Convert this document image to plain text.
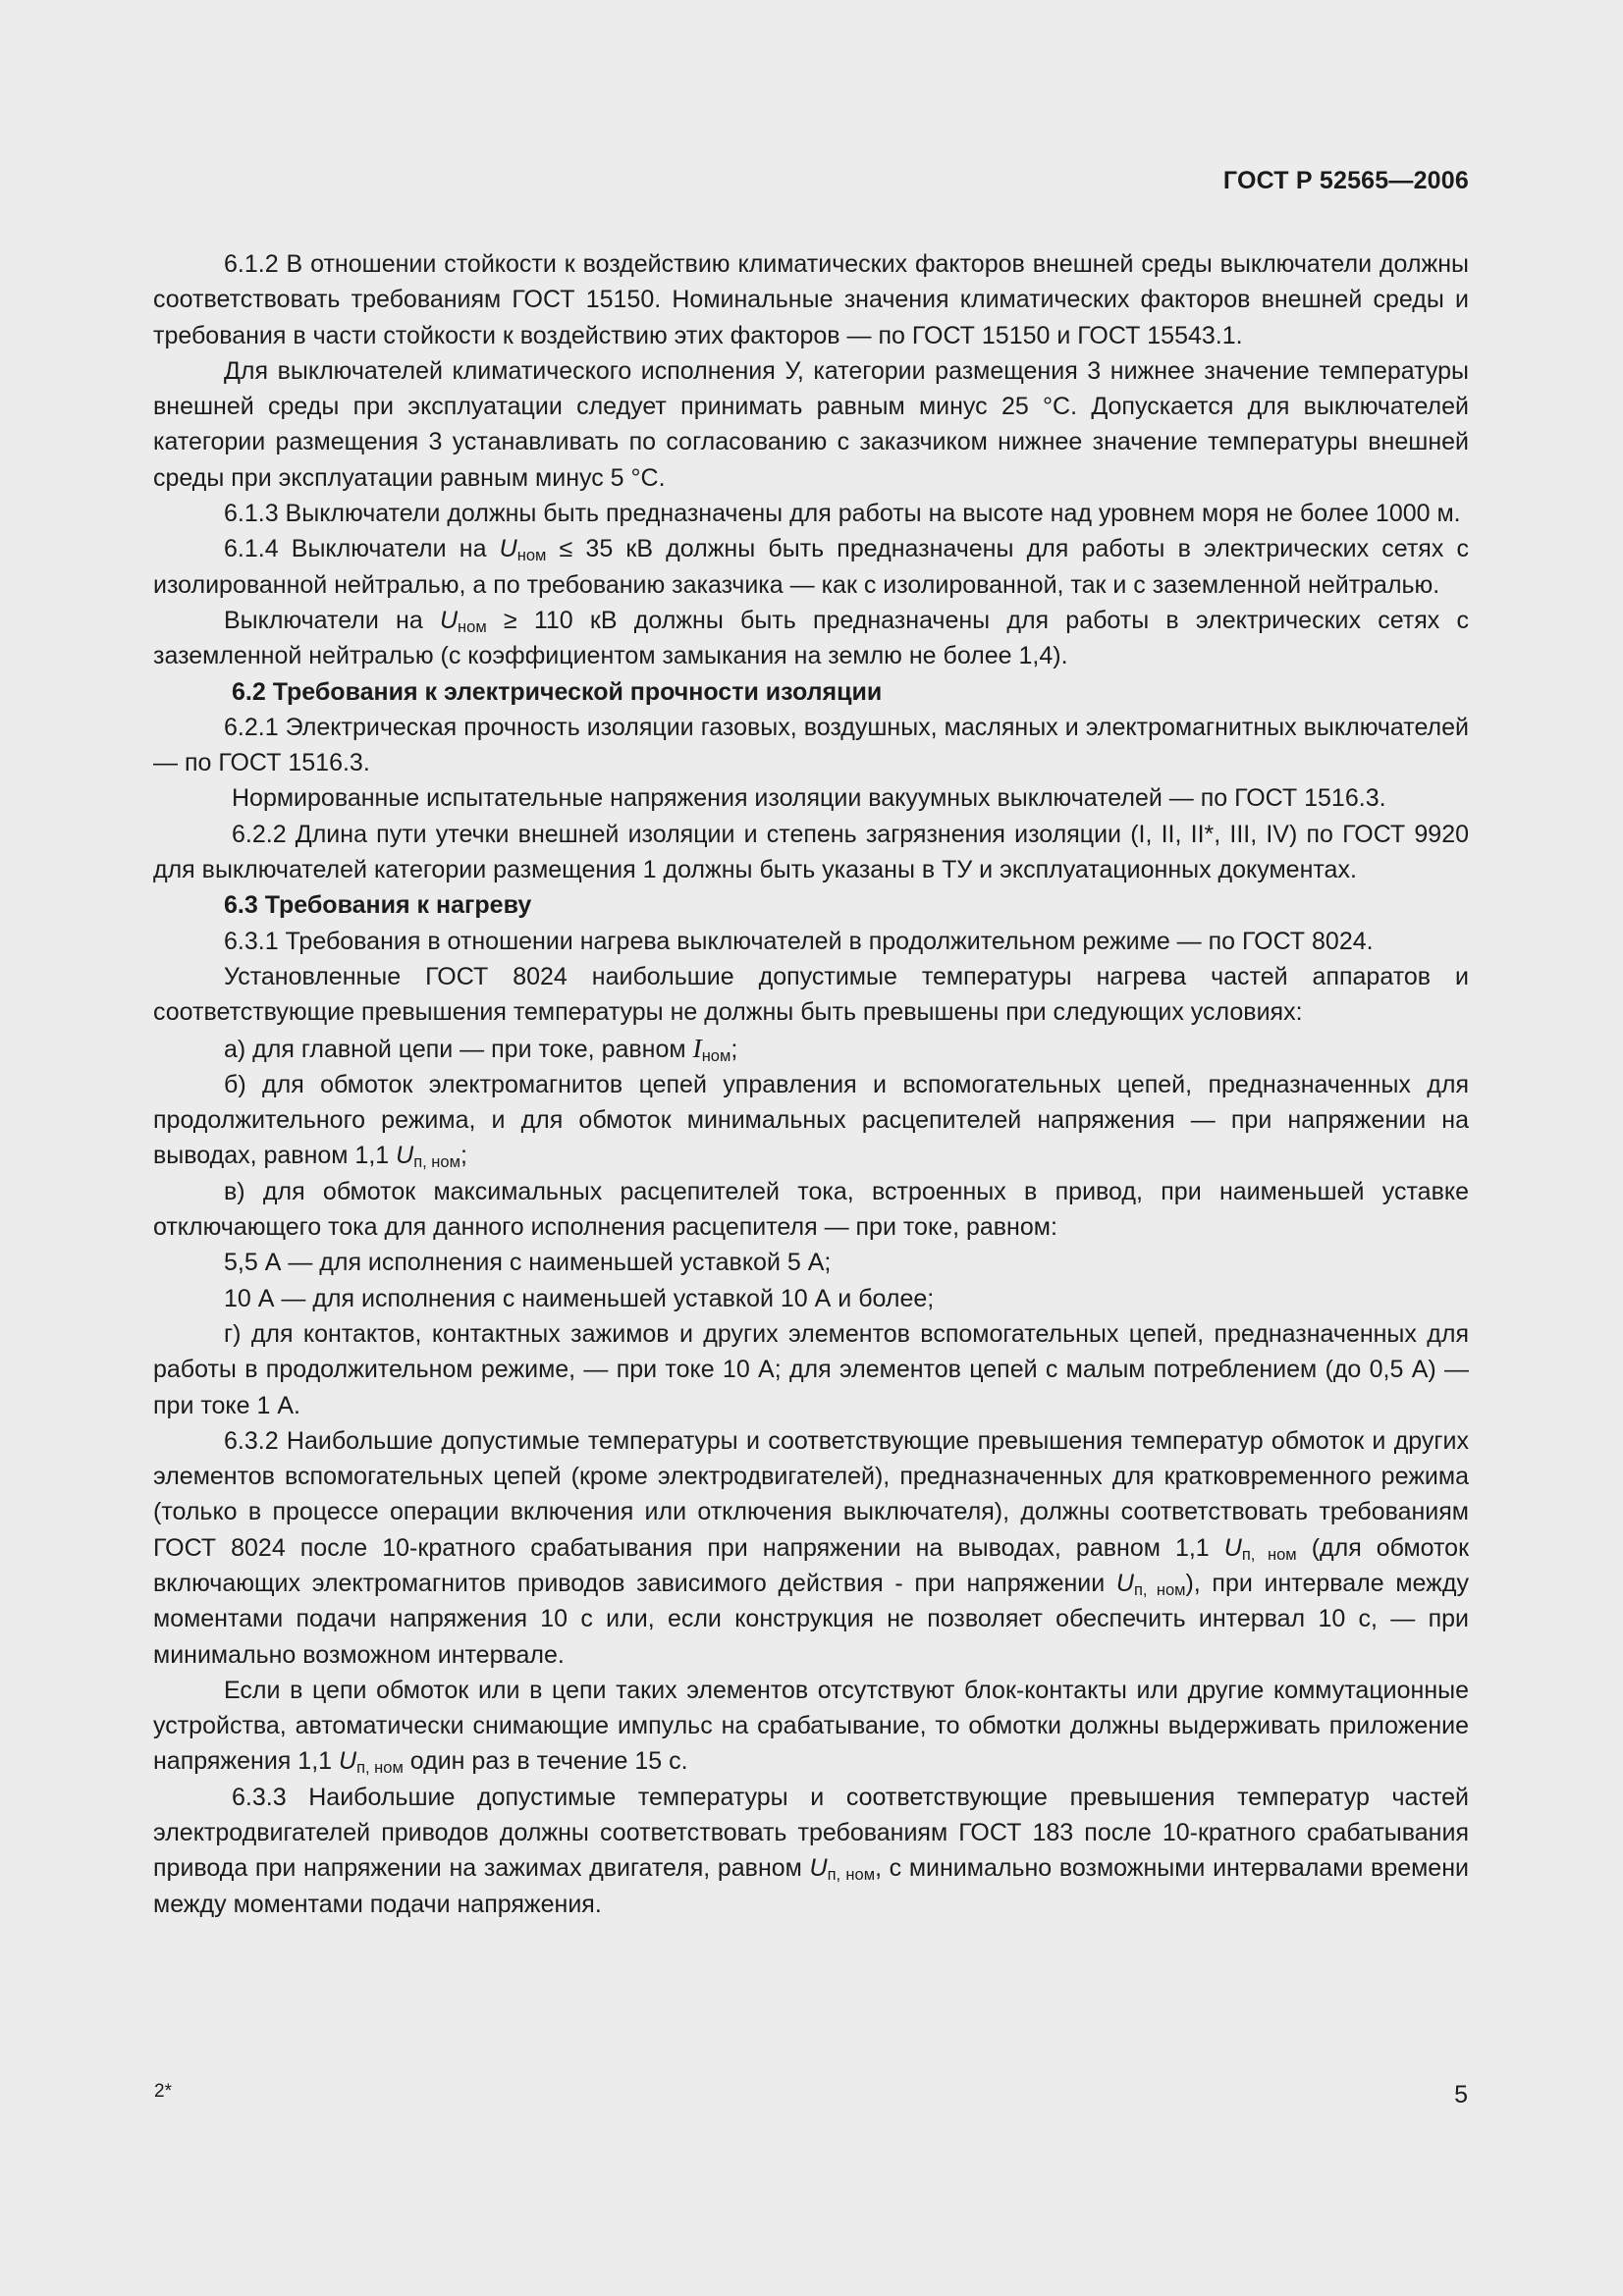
ГОСТ Р 52565—2006

6.1.2 В отношении стойкости к воздействию климатических факторов внешней среды выключатели должны соответствовать требованиям ГОСТ 15150. Номинальные значения климатических факторов внешней среды и требования в части стойкости к воздействию этих факторов — по ГОСТ 15150 и ГОСТ 15543.1.

Для выключателей климатического исполнения У, категории размещения 3 нижнее значение температуры внешней среды при эксплуатации следует принимать равным минус 25 °С. Допускается для выключателей категории размещения 3 устанавливать по согласованию с заказчиком нижнее значение температуры внешней среды при эксплуатации равным минус 5 °С.

6.1.3 Выключатели должны быть предназначены для работы на высоте над уровнем моря не более 1000 м.

6.1.4 Выключатели на $U_{ном} \le 35$ кВ должны быть предназначены для работы в электрических сетях с изолированной нейтралью, а по требованию заказчика — как с изолированной, так и с заземленной нейтралью.

Выключатели на $U_{ном} \ge 110$ кВ должны быть предназначены для работы в электрических сетях с заземленной нейтралью (с коэффициентом замыкания на землю не более 1,4).

6.2 Требования к электрической прочности изоляции

6.2.1 Электрическая прочность изоляции газовых, воздушных, масляных и электромагнитных выключателей — по ГОСТ 1516.3.

Нормированные испытательные напряжения изоляции вакуумных выключателей — по ГОСТ 1516.3.

6.2.2 Длина пути утечки внешней изоляции и степень загрязнения изоляции (I, II, II*, III, IV) по ГОСТ 9920 для выключателей категории размещения 1 должны быть указаны в ТУ и эксплуатационных документах.

6.3 Требования к нагреву

6.3.1 Требования в отношении нагрева выключателей в продолжительном режиме — по ГОСТ 8024.

Установленные ГОСТ 8024 наибольшие допустимые температуры нагрева частей аппаратов и соответствующие превышения температуры не должны быть превышены при следующих условиях:

а) для главной цепи — при токе, равном $I_{ном}$;

б) для обмоток электромагнитов цепей управления и вспомогательных цепей, предназначенных для продолжительного режима, и для обмоток минимальных расцепителей напряжения — при напряжении на выводах, равном 1,1 $U_{п, ном}$;

в) для обмоток максимальных расцепителей тока, встроенных в привод, при наименьшей уставке отключающего тока для данного исполнения расцепителя — при токе, равном:

5,5 А — для исполнения с наименьшей уставкой 5 А;

10 А — для исполнения с наименьшей уставкой 10 А и более;

г) для контактов, контактных зажимов и других элементов вспомогательных цепей, предназначенных для работы в продолжительном режиме, — при токе 10 А; для элементов цепей с малым потреблением (до 0,5 А) — при токе 1 А.

6.3.2 Наибольшие допустимые температуры и соответствующие превышения температур обмоток и других элементов вспомогательных цепей (кроме электродвигателей), предназначенных для кратковременного режима (только в процессе операции включения или отключения выключателя), должны соответствовать требованиям ГОСТ 8024 после 10-кратного срабатывания при напряжении на выводах, равном 1,1 $U_{п, ном}$ (для обмоток включающих электромагнитов приводов зависимого действия - при напряжении $U_{п, ном}$), при интервале между моментами подачи напряжения 10 с или, если конструкция не позволяет обеспечить интервал 10 с, — при минимально возможном интервале.

Если в цепи обмоток или в цепи таких элементов отсутствуют блок-контакты или другие коммутационные устройства, автоматически снимающие импульс на срабатывание, то обмотки должны выдерживать приложение напряжения 1,1 $U_{п, ном}$ один раз в течение 15 с.

6.3.3 Наибольшие допустимые температуры и соответствующие превышения температур частей электродвигателей приводов должны соответствовать требованиям ГОСТ 183 после 10-кратного срабатывания привода при напряжении на зажимах двигателя, равном $U_{п, ном}$, с минимально возможными интервалами времени между моментами подачи напряжения.

2*	5
